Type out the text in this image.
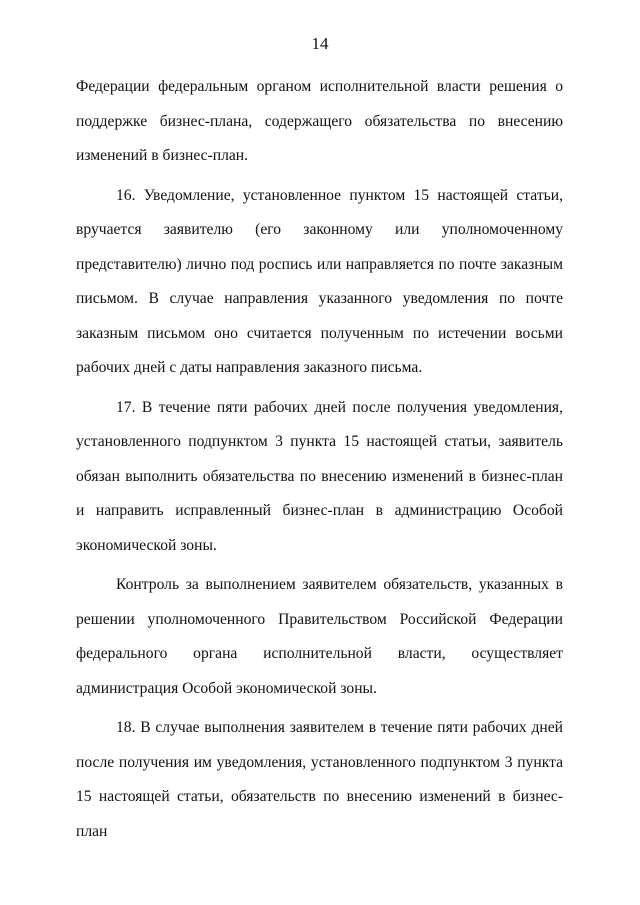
14

Федерации федеральным органом исполнительной власти решения о поддержке бизнес-плана, содержащего обязательства по внесению изменений в бизнес-план.

16. Уведомление, установленное пунктом 15 настоящей статьи, вручается заявителю (его законному или уполномоченному представителю) лично под роспись или направляется по почте заказным письмом. В случае направления указанного уведомления по почте заказным письмом оно считается полученным по истечении восьми рабочих дней с даты направления заказного письма.

17. В течение пяти рабочих дней после получения уведомления, установленного подпунктом 3 пункта 15 настоящей статьи, заявитель обязан выполнить обязательства по внесению изменений в бизнес-план и направить исправленный бизнес-план в администрацию Особой экономической зоны.

Контроль за выполнением заявителем обязательств, указанных в решении уполномоченного Правительством Российской Федерации федерального органа исполнительной власти, осуществляет администрация Особой экономической зоны.

18. В случае выполнения заявителем в течение пяти рабочих дней после получения им уведомления, установленного подпунктом 3 пункта 15 настоящей статьи, обязательств по внесению изменений в бизнес-план
